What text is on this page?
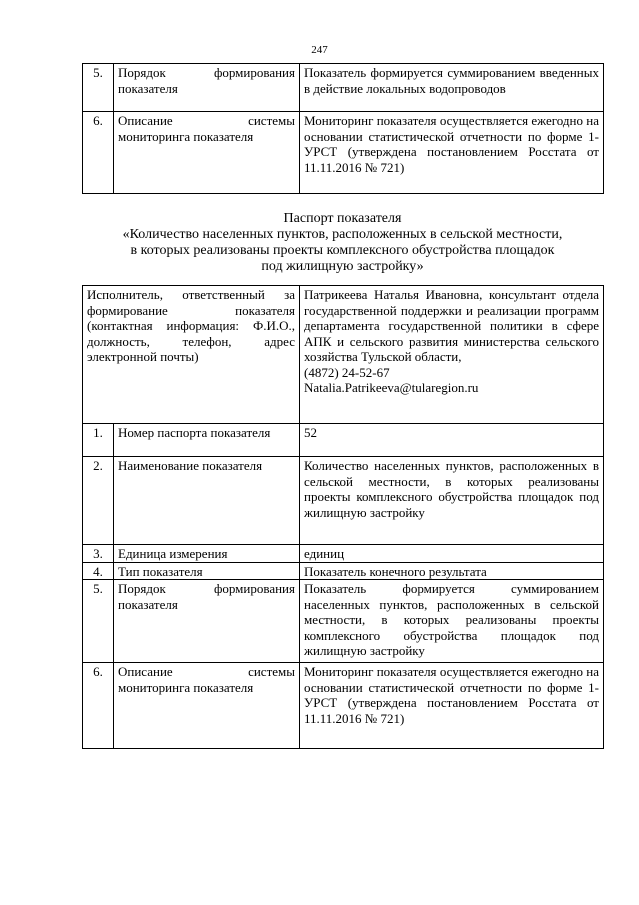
247
5.	Порядок формирования показателя	Показатель формируется суммированием введенных в действие локальных водопроводов
6.	Описание системы мониторинга показателя	Мониторинг показателя осуществляется ежегодно на основании статистической отчетности по форме 1-УРСТ (утверждена постановлением Росстата от 11.11.2016 № 721)
Паспорт показателя
«Количество населенных пунктов, расположенных в сельской местности,
в которых реализованы проекты комплексного обустройства площадок
под жилищную застройку»
Исполнитель, ответственный за формирование показателя (контактная информация: Ф.И.О., должность, телефон, адрес электронной почты)		Патрикеева Наталья Ивановна, консультант отдела государственной поддержки и реализации программ департамента государственной политики в сфере АПК и сельского развития министерства сельского хозяйства Тульской области,
(4872) 24-52-67
Natalia.Patrikeeva@tularegion.ru

1.	Номер паспорта показателя	52
2.	Наименование показателя	Количество населенных пунктов, расположенных в сельской местности, в которых реализованы проекты комплексного обустройства площадок под жилищную застройку
3.	Единица измерения	единиц
4.	Тип показателя	Показатель конечного результата
5.	Порядок формирования показателя	Показатель формируется суммированием населенных пунктов, расположенных в сельской местности, в которых реализованы проекты комплексного обустройства площадок под жилищную застройку
6.	Описание системы мониторинга показателя	Мониторинг показателя осуществляется ежегодно на основании статистической отчетности по форме 1-УРСТ (утверждена постановлением Росстата от 11.11.2016 № 721)
